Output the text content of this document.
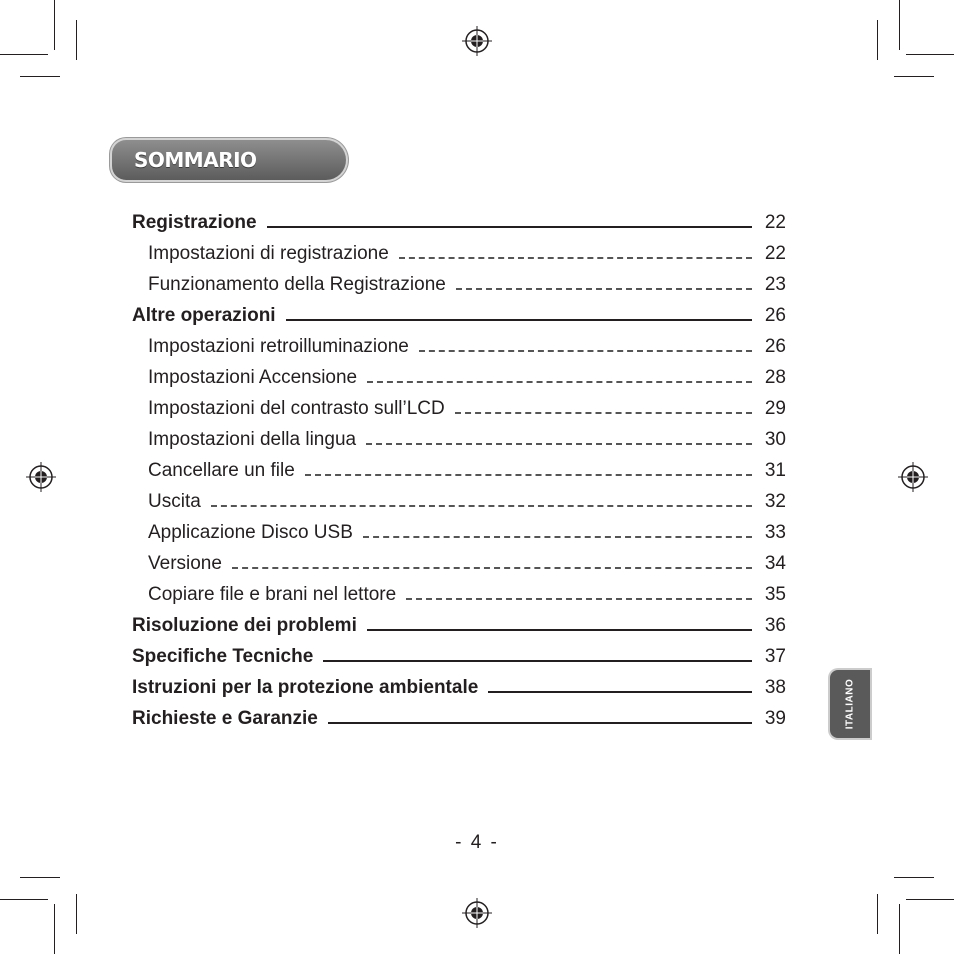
SOMMARIO
Registrazione	22
Impostazioni di registrazione	22
Funzionamento della Registrazione	23
Altre operazioni	26
Impostazioni retroilluminazione	26
Impostazioni Accensione	28
Impostazioni del contrasto sull’LCD	29
Impostazioni della lingua	30
Cancellare un file	31
Uscita	32
Applicazione Disco USB	33
Versione	34
Copiare file e brani nel lettore	35
Risoluzione dei problemi	36
Specifiche Tecniche	37
Istruzioni per la protezione ambientale	38
Richieste e Garanzie	39	ITALIANO
- 4 -
